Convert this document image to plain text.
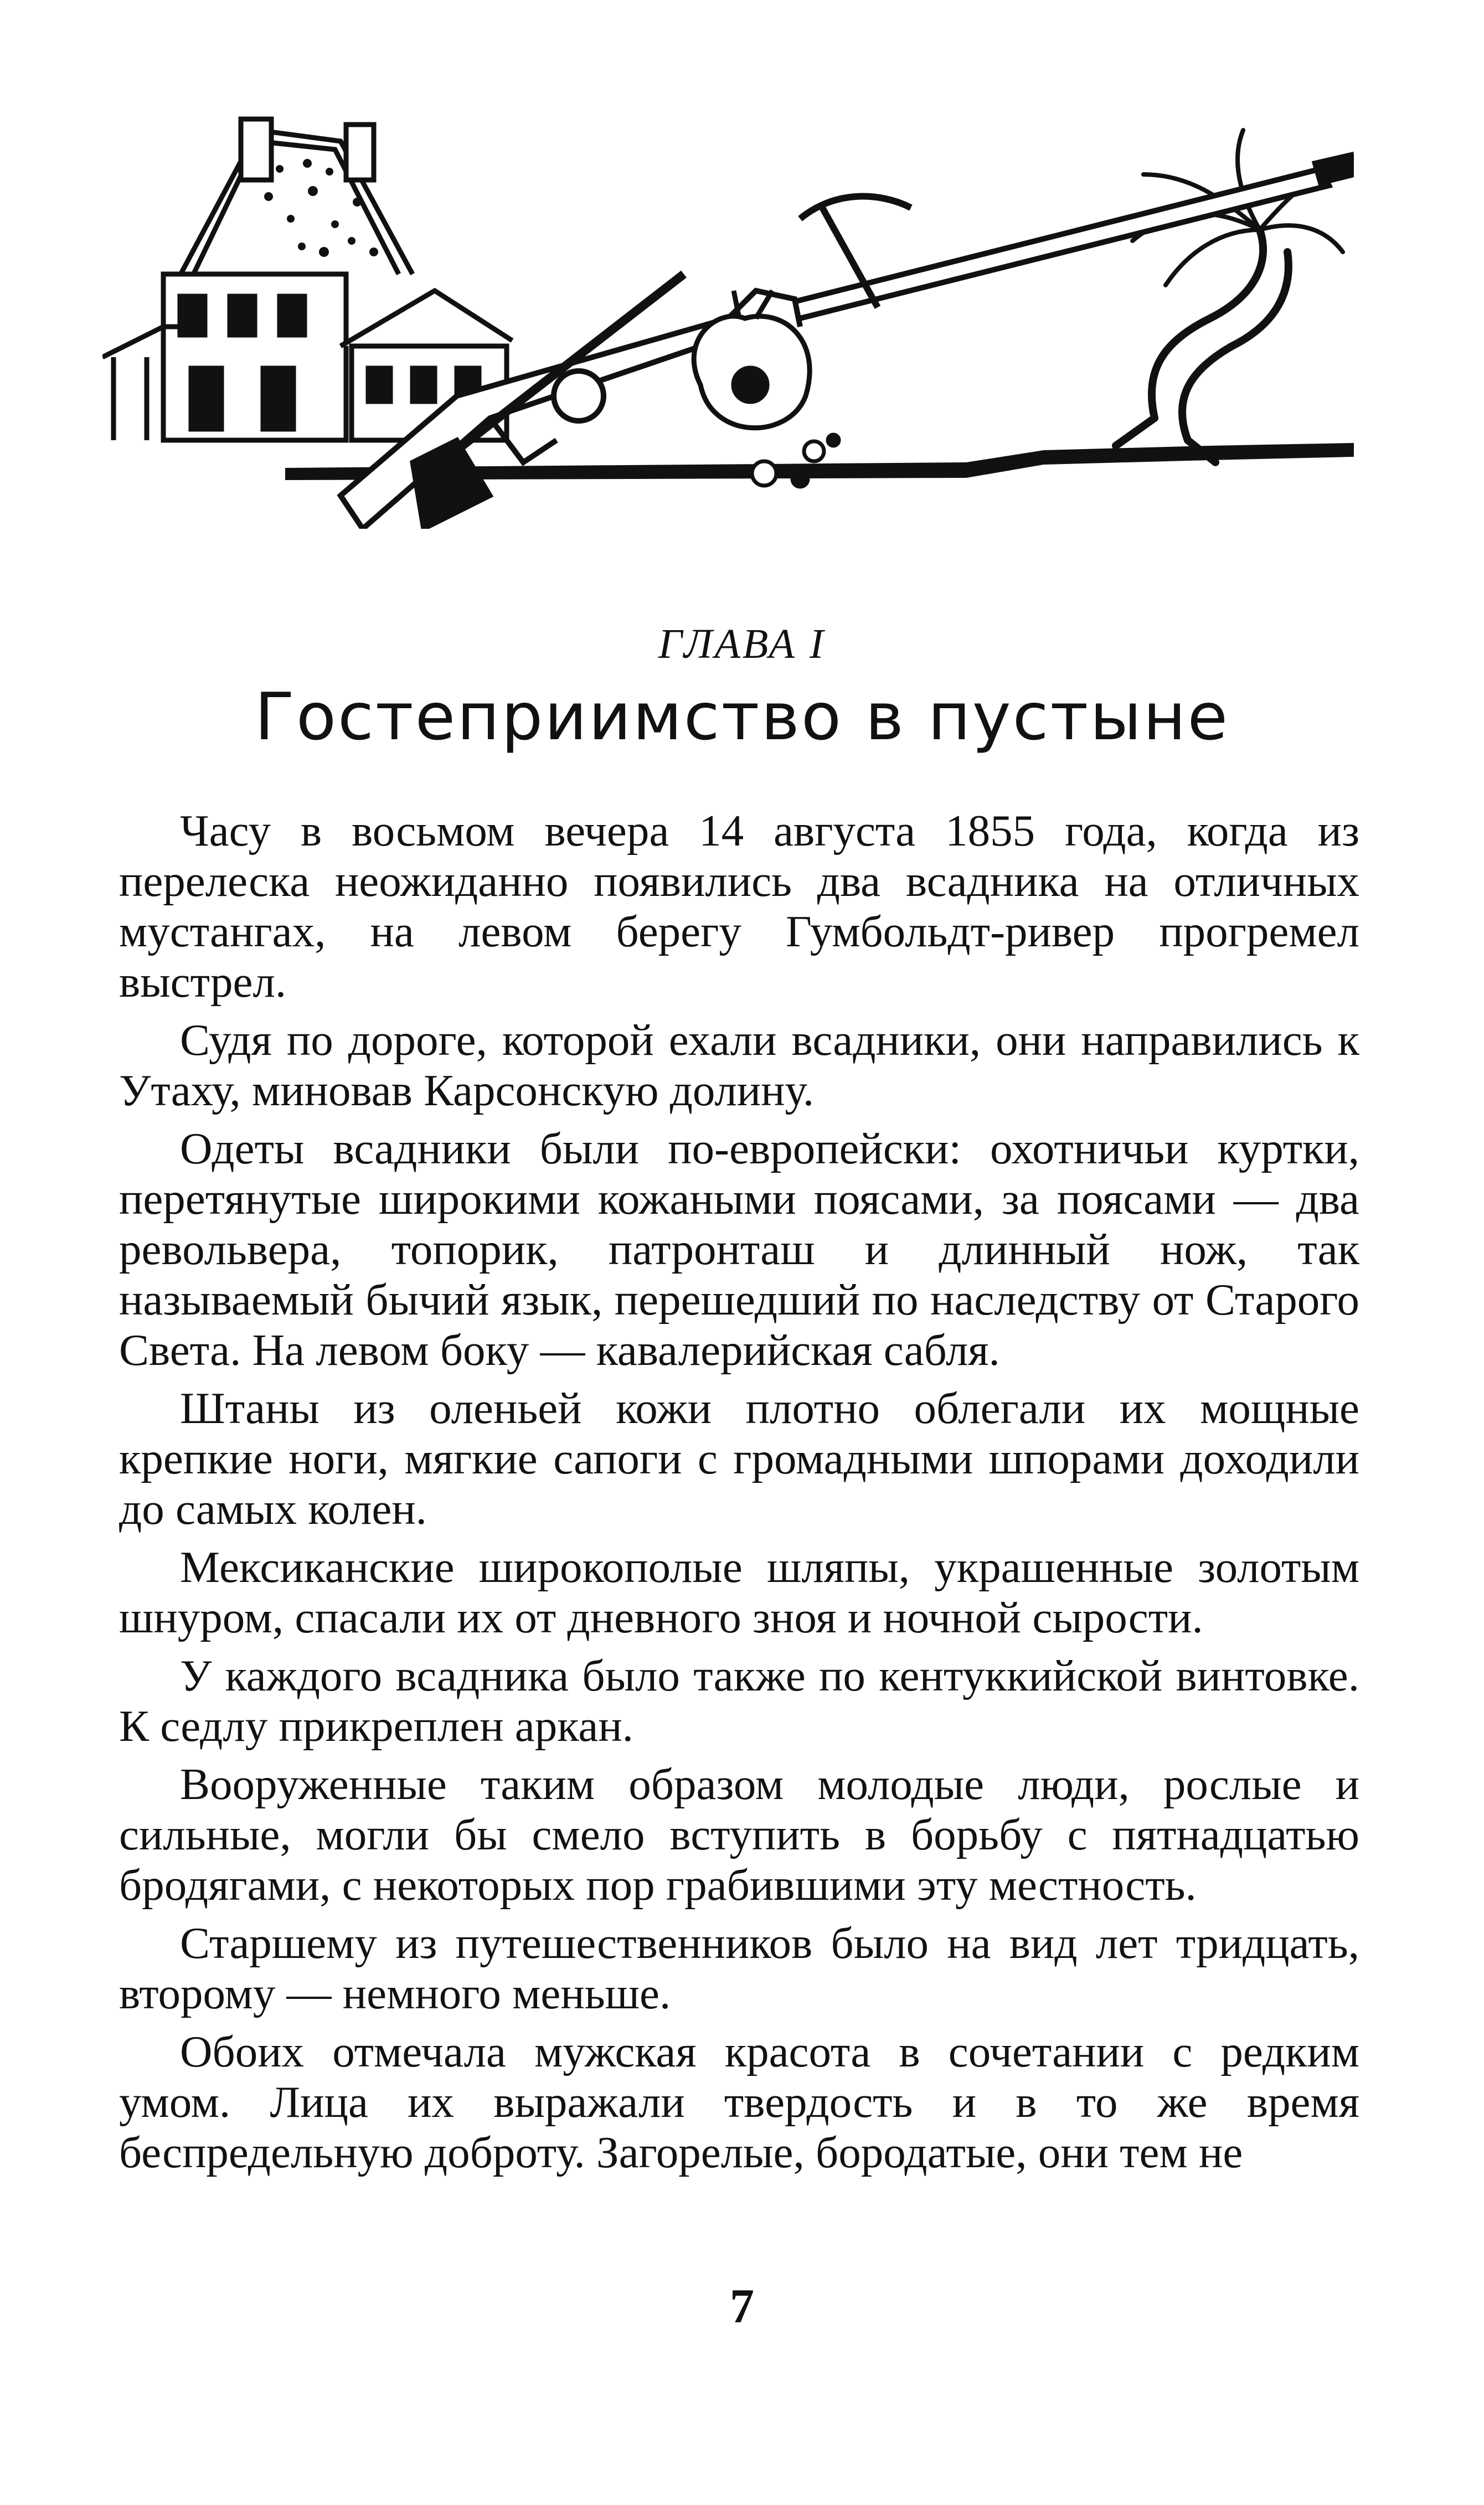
ГЛАВА I
Гостеприимство в пустыне

Часу в восьмом вечера 14 августа 1855 года, когда из перелеска неожиданно появились два всадника на отличных мустангах, на левом берегу Гумбольдт-ривер прогремел выстрел.

Судя по дороге, которой ехали всадники, они направились к Утаху, миновав Карсонскую долину.

Одеты всадники были по-европейски: охотничьи куртки, перетянутые широкими кожаными поясами, за поясами — два револьвера, топорик, патронташ и длинный нож, так называемый бычий язык, перешедший по наследству от Старого Света. На левом боку — кавалерийская сабля.

Штаны из оленьей кожи плотно облегали их мощные крепкие ноги, мягкие сапоги с громадными шпорами доходили до самых колен.

Мексиканские широкополые шляпы, украшенные золотым шнуром, спасали их от дневного зноя и ночной сырости.

У каждого всадника было также по кентуккийской винтовке. К седлу прикреплен аркан.

Вооруженные таким образом молодые люди, рослые и сильные, могли бы смело вступить в борьбу с пятнадцатью бродягами, с некоторых пор грабившими эту местность.

Старшему из путешественников было на вид лет тридцать, второму — немного меньше.

Обоих отмечала мужская красота в сочетании с редким умом. Лица их выражали твердость и в то же время беспредельную доброту. Загорелые, бородатые, они тем не

7
